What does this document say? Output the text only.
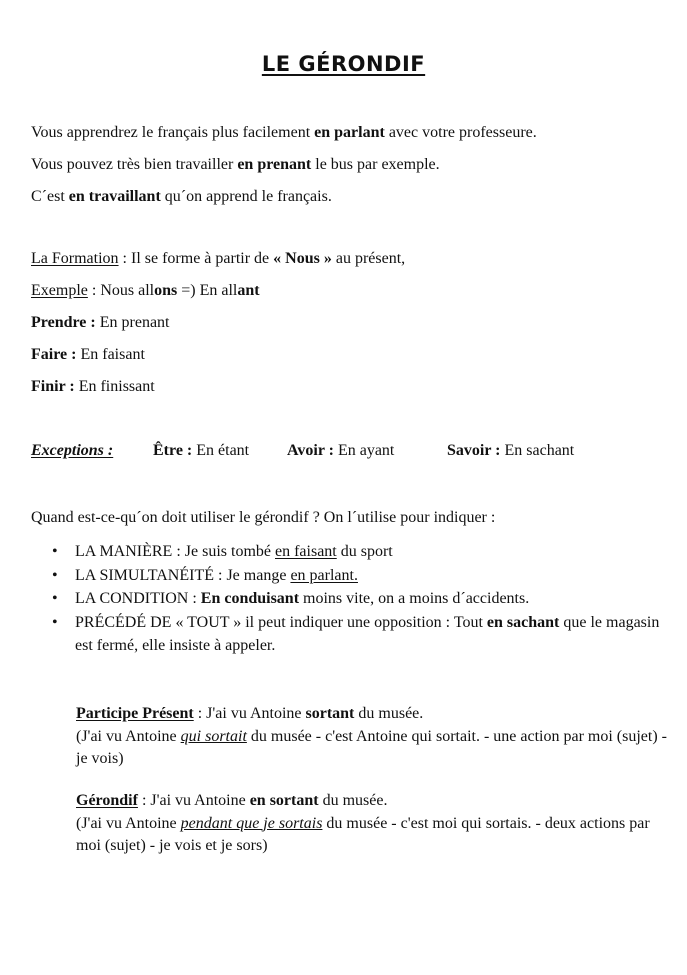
LE GÉRONDIF
Vous apprendrez le français plus facilement en parlant avec votre professeure.
Vous pouvez très bien travailler en prenant le bus par exemple.
C´est en travaillant qu´on apprend le français.
La Formation : Il se forme à partir de « Nous » au présent,
Exemple : Nous allons =) En allant
Prendre : En prenant
Faire : En faisant
Finir : En finissant
Exceptions : Être : En étant Avoir : En ayant	Savoir : En sachant
Quand est-ce-qu´on doit utiliser le gérondif ? On l´utilise pour indiquer :
• LA MANIÈRE : Je suis tombé en faisant du sport
• LA SIMULTANÉITÉ : Je mange en parlant.
• LA CONDITION : En conduisant moins vite, on a moins d´accidents.
• PRÉCÉDÉ DE « TOUT » il peut indiquer une opposition : Tout en sachant que le magasin est fermé, elle insiste à appeler.
Participe Présent : J'ai vu Antoine sortant du musée.
(J'ai vu Antoine qui sortait du musée - c'est Antoine qui sortait. - une action par moi (sujet) - je vois)
Gérondif : J'ai vu Antoine en sortant du musée.
(J'ai vu Antoine pendant que je sortais du musée - c'est moi qui sortais. - deux actions par moi (sujet) - je vois et je sors)
